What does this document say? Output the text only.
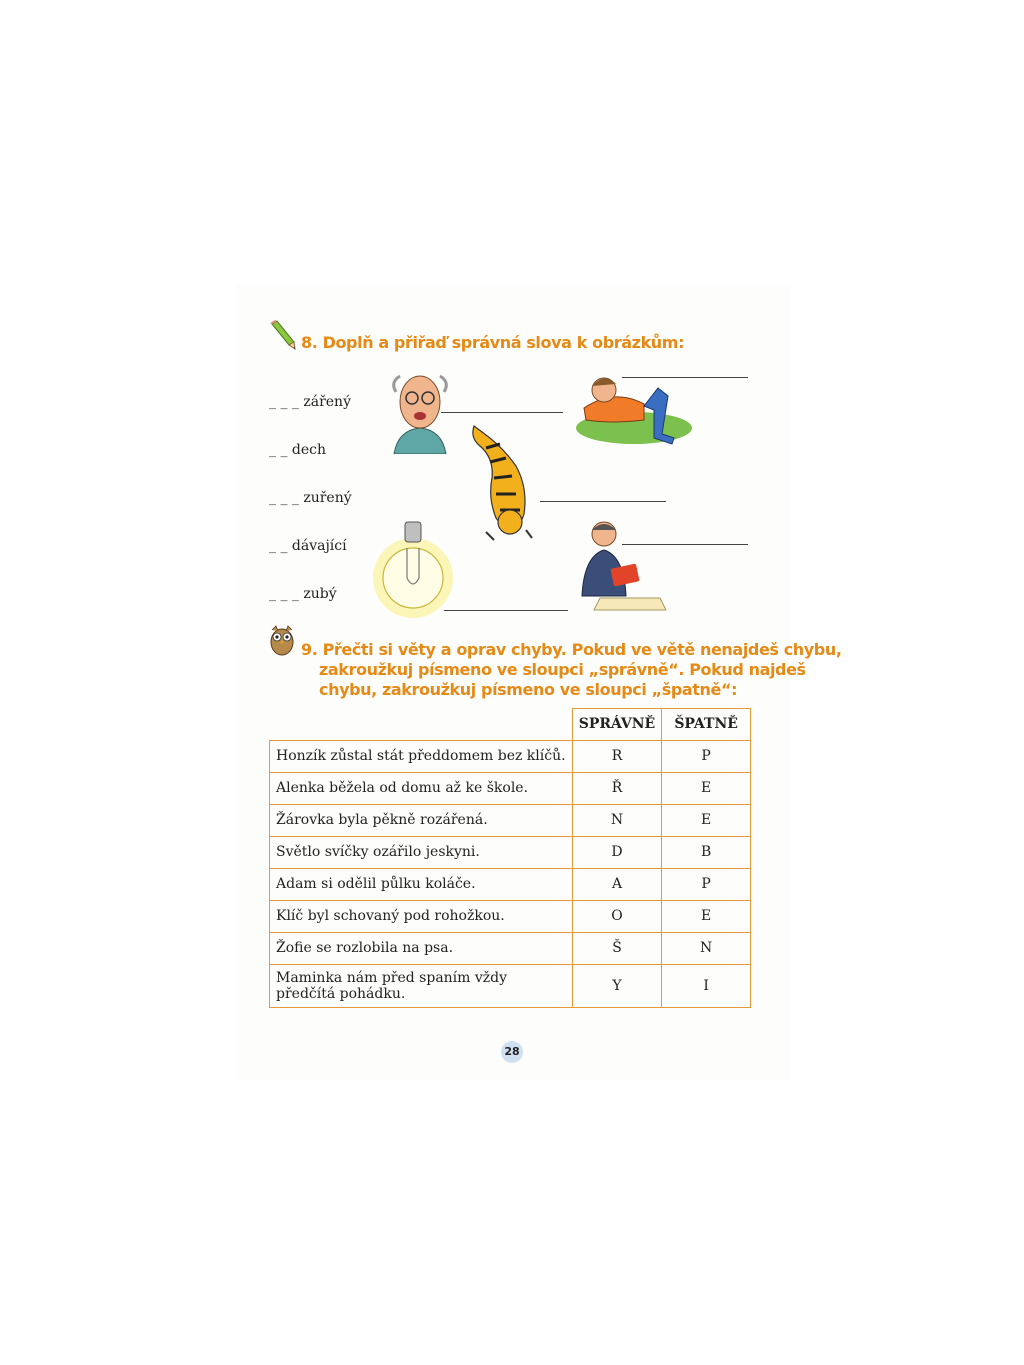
8. Doplň a přiřaď správná slova k obrázkům:
_ _ _ zářený
_ _ dech
_ _ _ zuřený
_ _ dávající
_ _ _ zubý
9. Přečti si věty a oprav chyby. Pokud ve větě nenajdeš chybu,
zakroužkuj písmeno ve sloupci „správně“. Pokud najdeš
chybu, zakroužkuj písmeno ve sloupci „špatně“:
	SPRÁVNĚ	ŠPATNĚ
Honzík zůstal stát předdomem bez klíčů.	R	P
Alenka běžela od domu až ke škole.	Ř	E
Žárovka byla pěkně rozářená.	N	E
Světlo svíčky ozářilo jeskyni.	D	B
Adam si odělil půlku koláče.	A	P
Klíč byl schovaný pod rohožkou.	O	E
Žofie se rozlobila na psa.	Š	N
Maminka nám před spaním vždy předčítá pohádku.	Y	I
28
